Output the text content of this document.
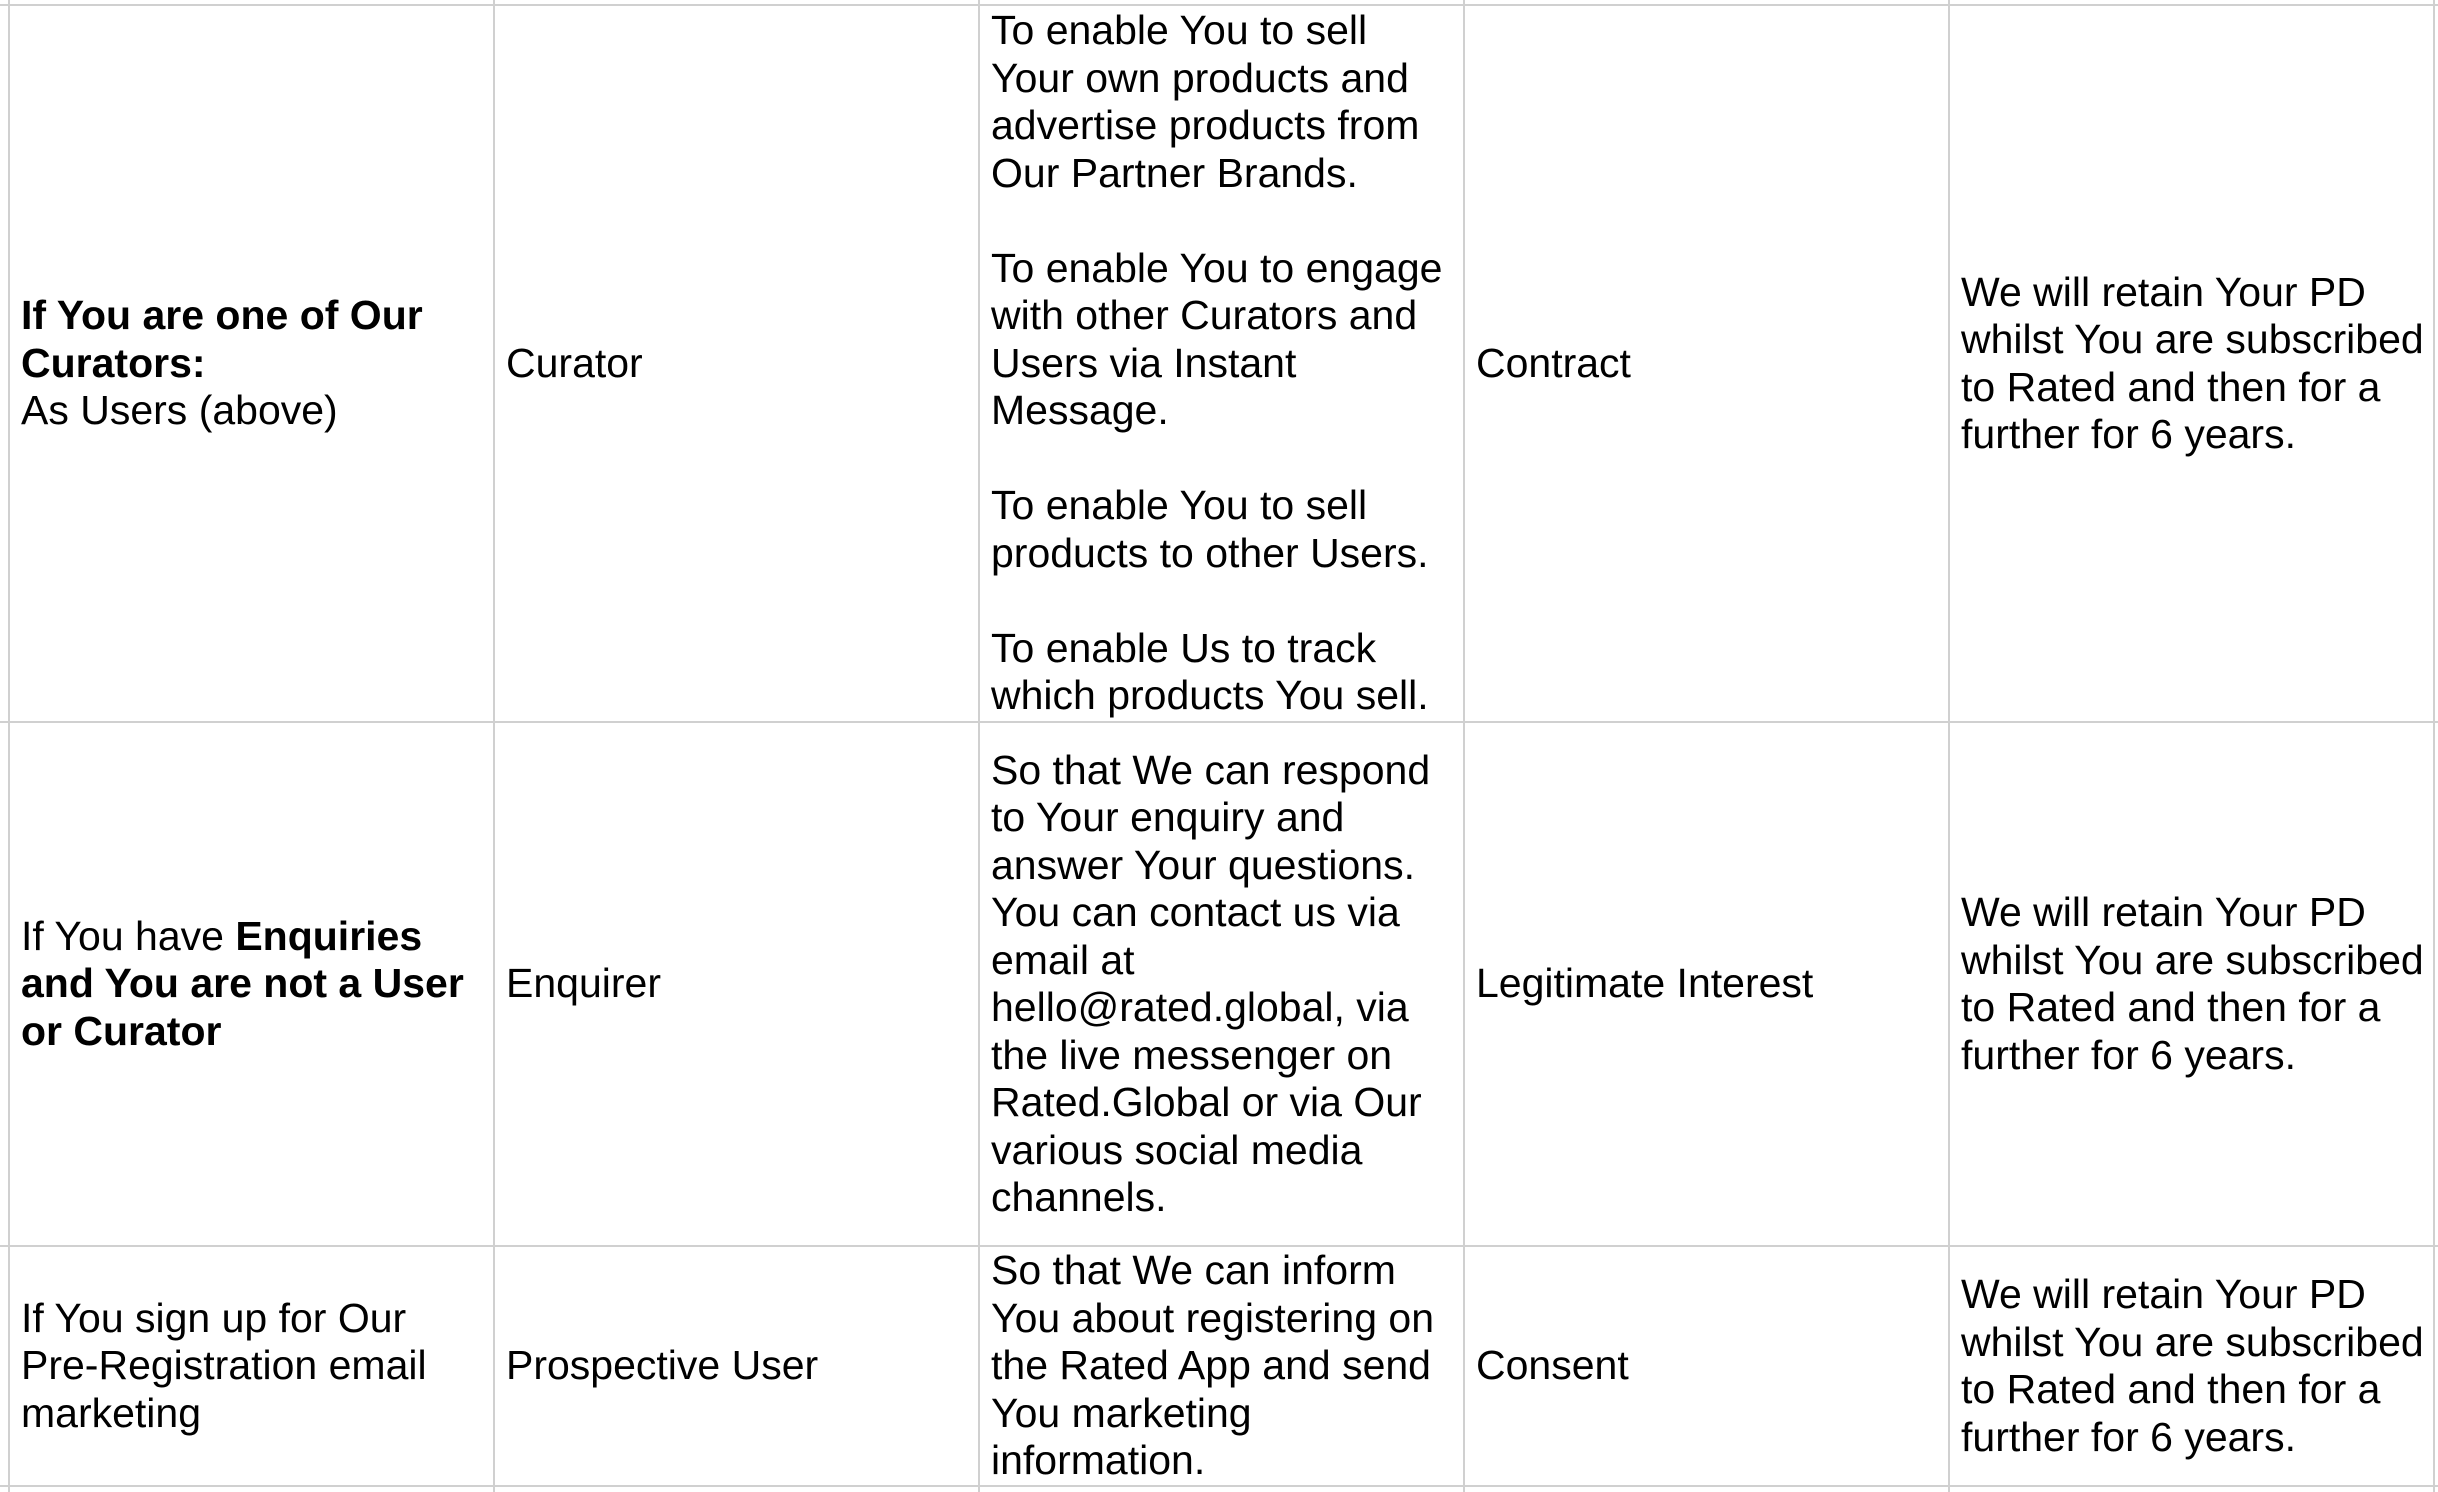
If You are one of Our Curators:
As Users (above)
Curator

To enable You to sell Your own products and advertise products from Our Partner Brands.

To enable You to engage with other Curators and Users via Instant Message.

To enable You to sell products to other Users.

To enable Us to track which products You sell.

Contract
We will retain Your PD whilst You are subscribed to Rated and then for a further for 6 years.
If You have Enquiries and You are not a User or Curator
Enquirer
So that We can respond to Your enquiry and answer Your questions. You can contact us via email at hello@rated.global, via the live messenger on Rated.Global or via Our various social media channels.
Legitimate Interest
We will retain Your PD whilst You are subscribed to Rated and then for a further for 6 years.
If You sign up for Our Pre-Registration email marketing
Prospective User
So that We can inform You about registering on the Rated App and send You marketing information.
Consent
We will retain Your PD whilst You are subscribed to Rated and then for a further for 6 years.
